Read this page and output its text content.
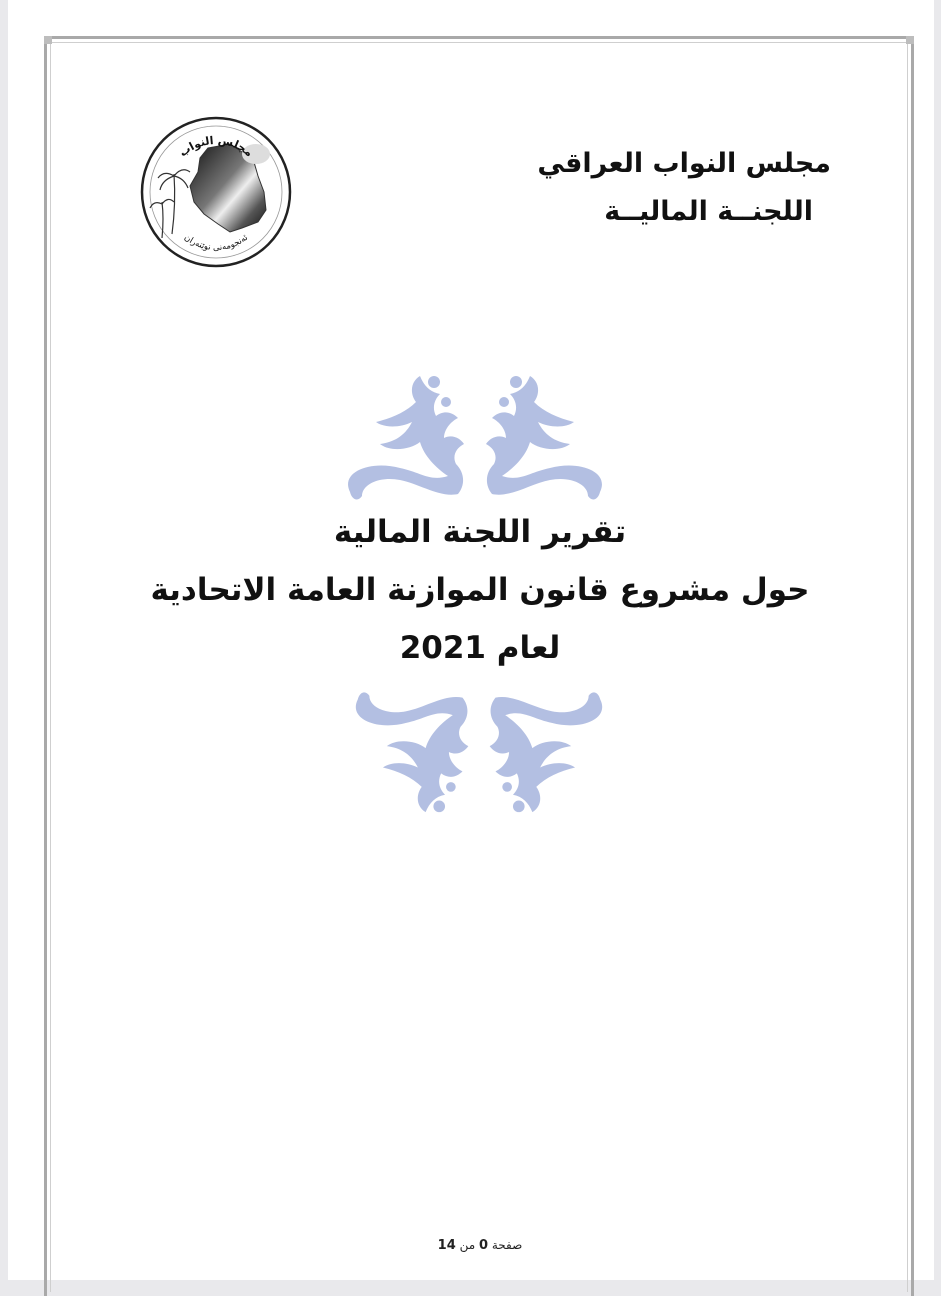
مجلس النواب العراقي
اللجنــة الماليــة
مجلس النواب
ئەنجومەنی نوێنەران
تقرير اللجنة المالية
حول مشروع قانون الموازنة العامة الاتحادية
لعام 2021
صفحة 0 من 14
